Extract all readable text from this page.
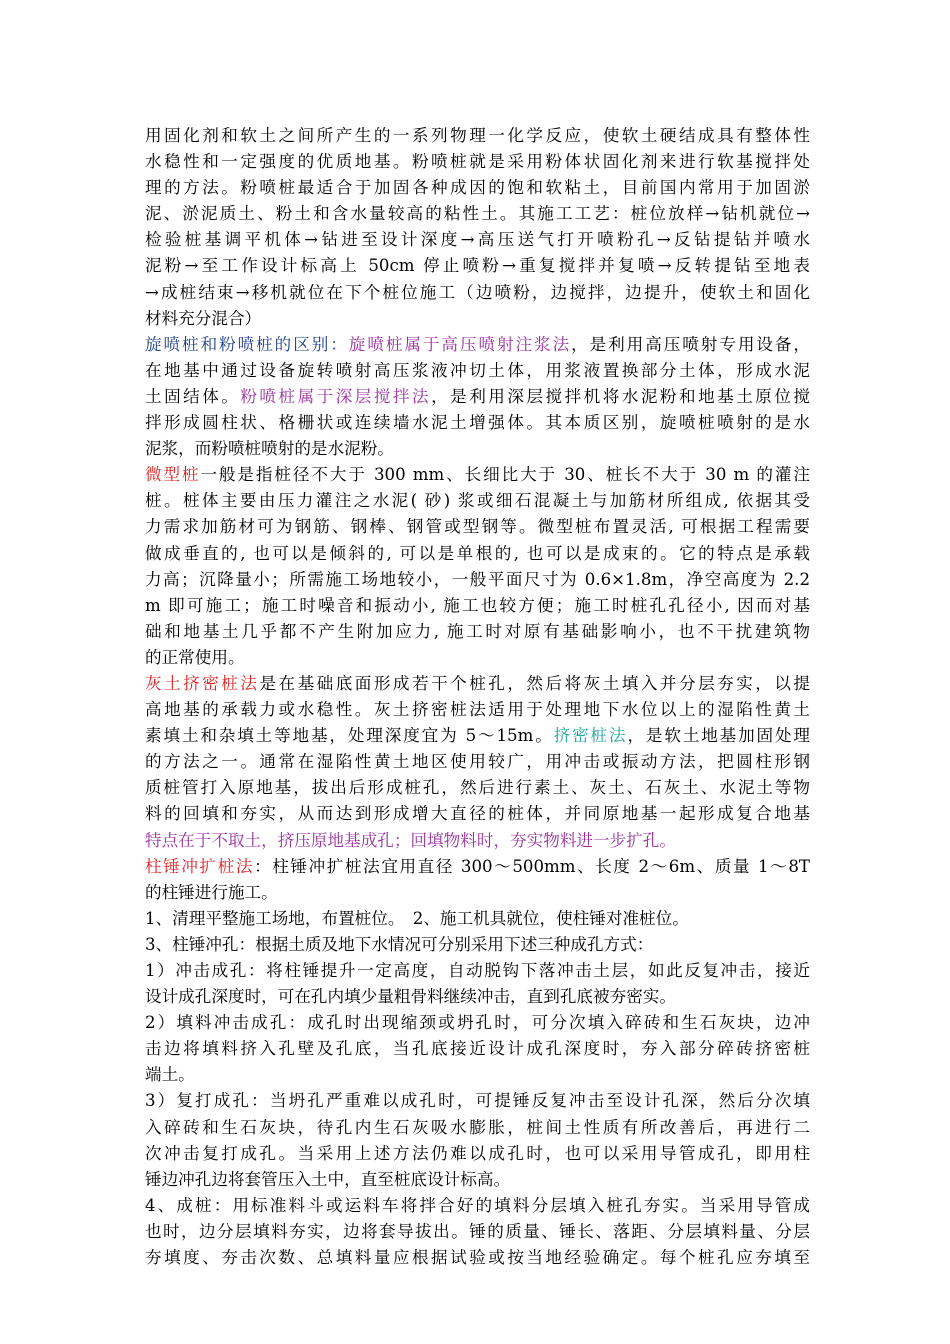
用固化剂和软土之间所产生的一系列物理一化学反应，使软土硬结成具有整体性
水稳性和一定强度的优质地基。粉喷桩就是采用粉体状固化剂来进行软基搅拌处
理的方法。粉喷桩最适合于加固各种成因的饱和软粘土，目前国内常用于加固淤
泥、淤泥质土、粉土和含水量较高的粘性土。其施工工艺：桩位放样→钻机就位→
检验桩基调平机体→钻进至设计深度→高压送气打开喷粉孔→反钻提钻并喷水
泥粉→至工作设计标高上 50cm 停止喷粉→重复搅拌并复喷→反转提钻至地表
→成桩结束→移机就位在下个桩位施工（边喷粉，边搅拌，边提升，使软土和固化
材料充分混合）
旋喷桩和粉喷桩的区别：旋喷桩属于高压喷射注浆法，是利用高压喷射专用设备，
在地基中通过设备旋转喷射高压浆液冲切土体，用浆液置换部分土体，形成水泥
土固结体。粉喷桩属于深层搅拌法，是利用深层搅拌机将水泥粉和地基土原位搅
拌形成圆柱状、格栅状或连续墙水泥土增强体。其本质区别，旋喷桩喷射的是水
泥浆，而粉喷桩喷射的是水泥粉。
微型桩一般是指桩径不大于 300 mm、长细比大于 30、桩长不大于 30 m 的灌注
桩。桩体主要由压力灌注之水泥( 砂) 浆或细石混凝土与加筋材所组成, 依据其受
力需求加筋材可为钢筋、钢棒、钢管或型钢等。微型桩布置灵活, 可根据工程需要
做成垂直的, 也可以是倾斜的, 可以是单根的, 也可以是成束的。它的特点是承载
力高；沉降量小；所需施工场地较小，一般平面尺寸为 0.6×1.8m，净空高度为 2.2
m 即可施工；施工时噪音和振动小, 施工也较方便；施工时桩孔孔径小, 因而对基
础和地基土几乎都不产生附加应力, 施工时对原有基础影响小，也不干扰建筑物
的正常使用。
灰土挤密桩法是在基础底面形成若干个桩孔，然后将灰土填入并分层夯实，以提
高地基的承载力或水稳性。灰土挤密桩法适用于处理地下水位以上的湿陷性黄土
素填土和杂填土等地基，处理深度宜为 5～15m。挤密桩法，是软土地基加固处理
的方法之一。通常在湿陷性黄土地区使用较广，用冲击或振动方法，把圆柱形钢
质桩管打入原地基，拔出后形成桩孔，然后进行素土、灰土、石灰土、水泥土等物
料的回填和夯实，从而达到形成增大直径的桩体，并同原地基一起形成复合地基
特点在于不取土，挤压原地基成孔；回填物料时，夯实物料进一步扩孔。
柱锤冲扩桩法：柱锤冲扩桩法宜用直径 300～500mm、长度 2～6m、质量 1～8T
的柱锤进行施工。
1、清理平整施工场地，布置桩位。　2、施工机具就位，使柱锤对准桩位。
3、柱锤冲孔：根据土质及地下水情况可分别采用下述三种成孔方式：
1）冲击成孔：将柱锤提升一定高度，自动脱钩下落冲击土层，如此反复冲击，接近
设计成孔深度时，可在孔内填少量粗骨料继续冲击，直到孔底被夯密实。
2）填料冲击成孔：成孔时出现缩颈或坍孔时，可分次填入碎砖和生石灰块，边冲
击边将填料挤入孔壁及孔底，当孔底接近设计成孔深度时，夯入部分碎砖挤密桩
端土。
3）复打成孔：当坍孔严重难以成孔时，可提锤反复冲击至设计孔深，然后分次填
入碎砖和生石灰块，待孔内生石灰吸水膨胀，桩间土性质有所改善后，再进行二
次冲击复打成孔。当采用上述方法仍难以成孔时，也可以采用导管成孔，即用柱
锤边冲孔边将套管压入土中，直至桩底设计标高。
4、成桩：用标准料斗或运料车将拌合好的填料分层填入桩孔夯实。当采用导管成
也时，边分层填料夯实，边将套导拔出。锤的质量、锤长、落距、分层填料量、分层
夯填度、夯击次数、总填料量应根据试验或按当地经验确定。每个桩孔应夯填至
